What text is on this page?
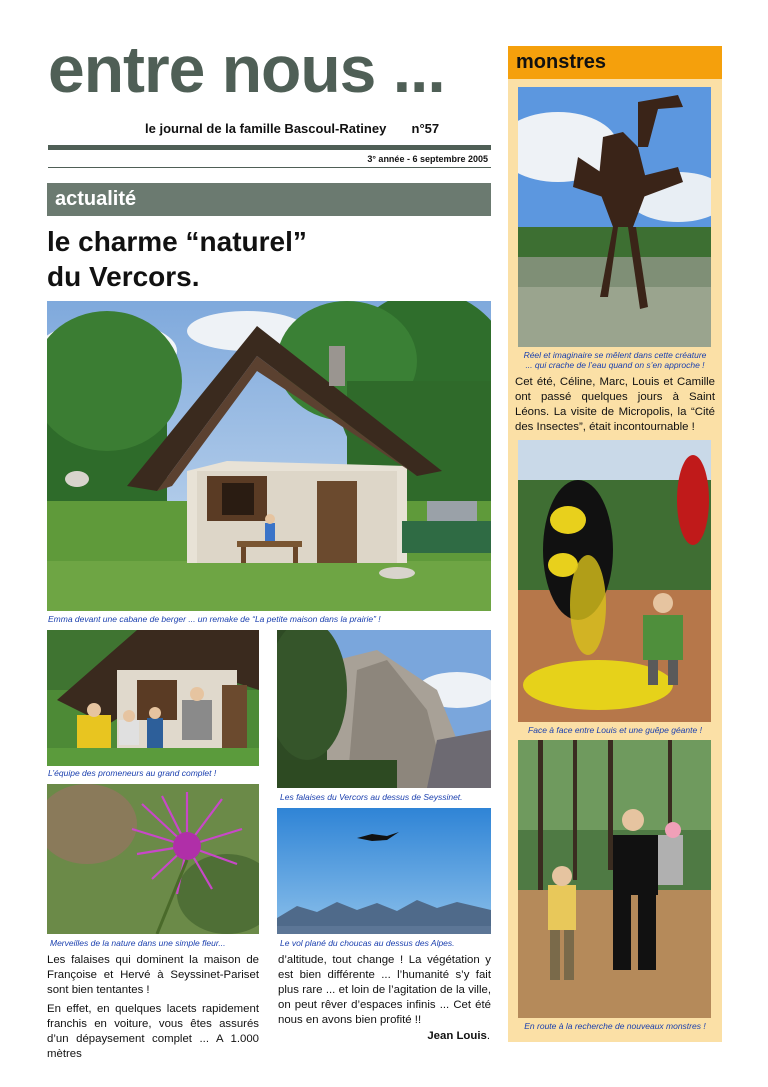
entre nous ...
le journal de la famille Bascoul-Ratiney n°57
3° année - 6 septembre 2005
actualité
le charme “naturel”
du Vercors.
Emma devant une cabane de berger ... un remake de “La petite maison dans la prairie” !
L’équipe des promeneurs au grand complet !
Les falaises du Vercors au dessus de Seyssinet.
Merveilles de la nature dans une simple fleur...	Le vol plané du choucas au dessus des Alpes.

Les falaises qui dominent la maison de Françoise et Hervé à Seyssinet-Pariset sont bien tentantes !

En effet, en quelques lacets rapidement franchis en voiture, vous êtes assurés d’un dépaysement complet ... A 1.000 mètres

d’altitude, tout change ! La végétation y est bien différente ... l’humanité s’y fait plus rare ... et loin de l’agitation de la ville, on peut rêver d’espaces infinis ... Cet été nous en avons bien profité !!

Jean Louis.
monstres
Réel et imaginaire se mêlent dans cette créature
... qui crache de l’eau quand on s’en approche !
Cet été, Céline, Marc, Louis et Camille ont passé quelques jours à Saint Léons. La visite de Micropolis, la “Cité des Insectes”, était incontournable !
Face à face entre Louis et une guêpe géante !
En route à la recherche de nouveaux monstres !
